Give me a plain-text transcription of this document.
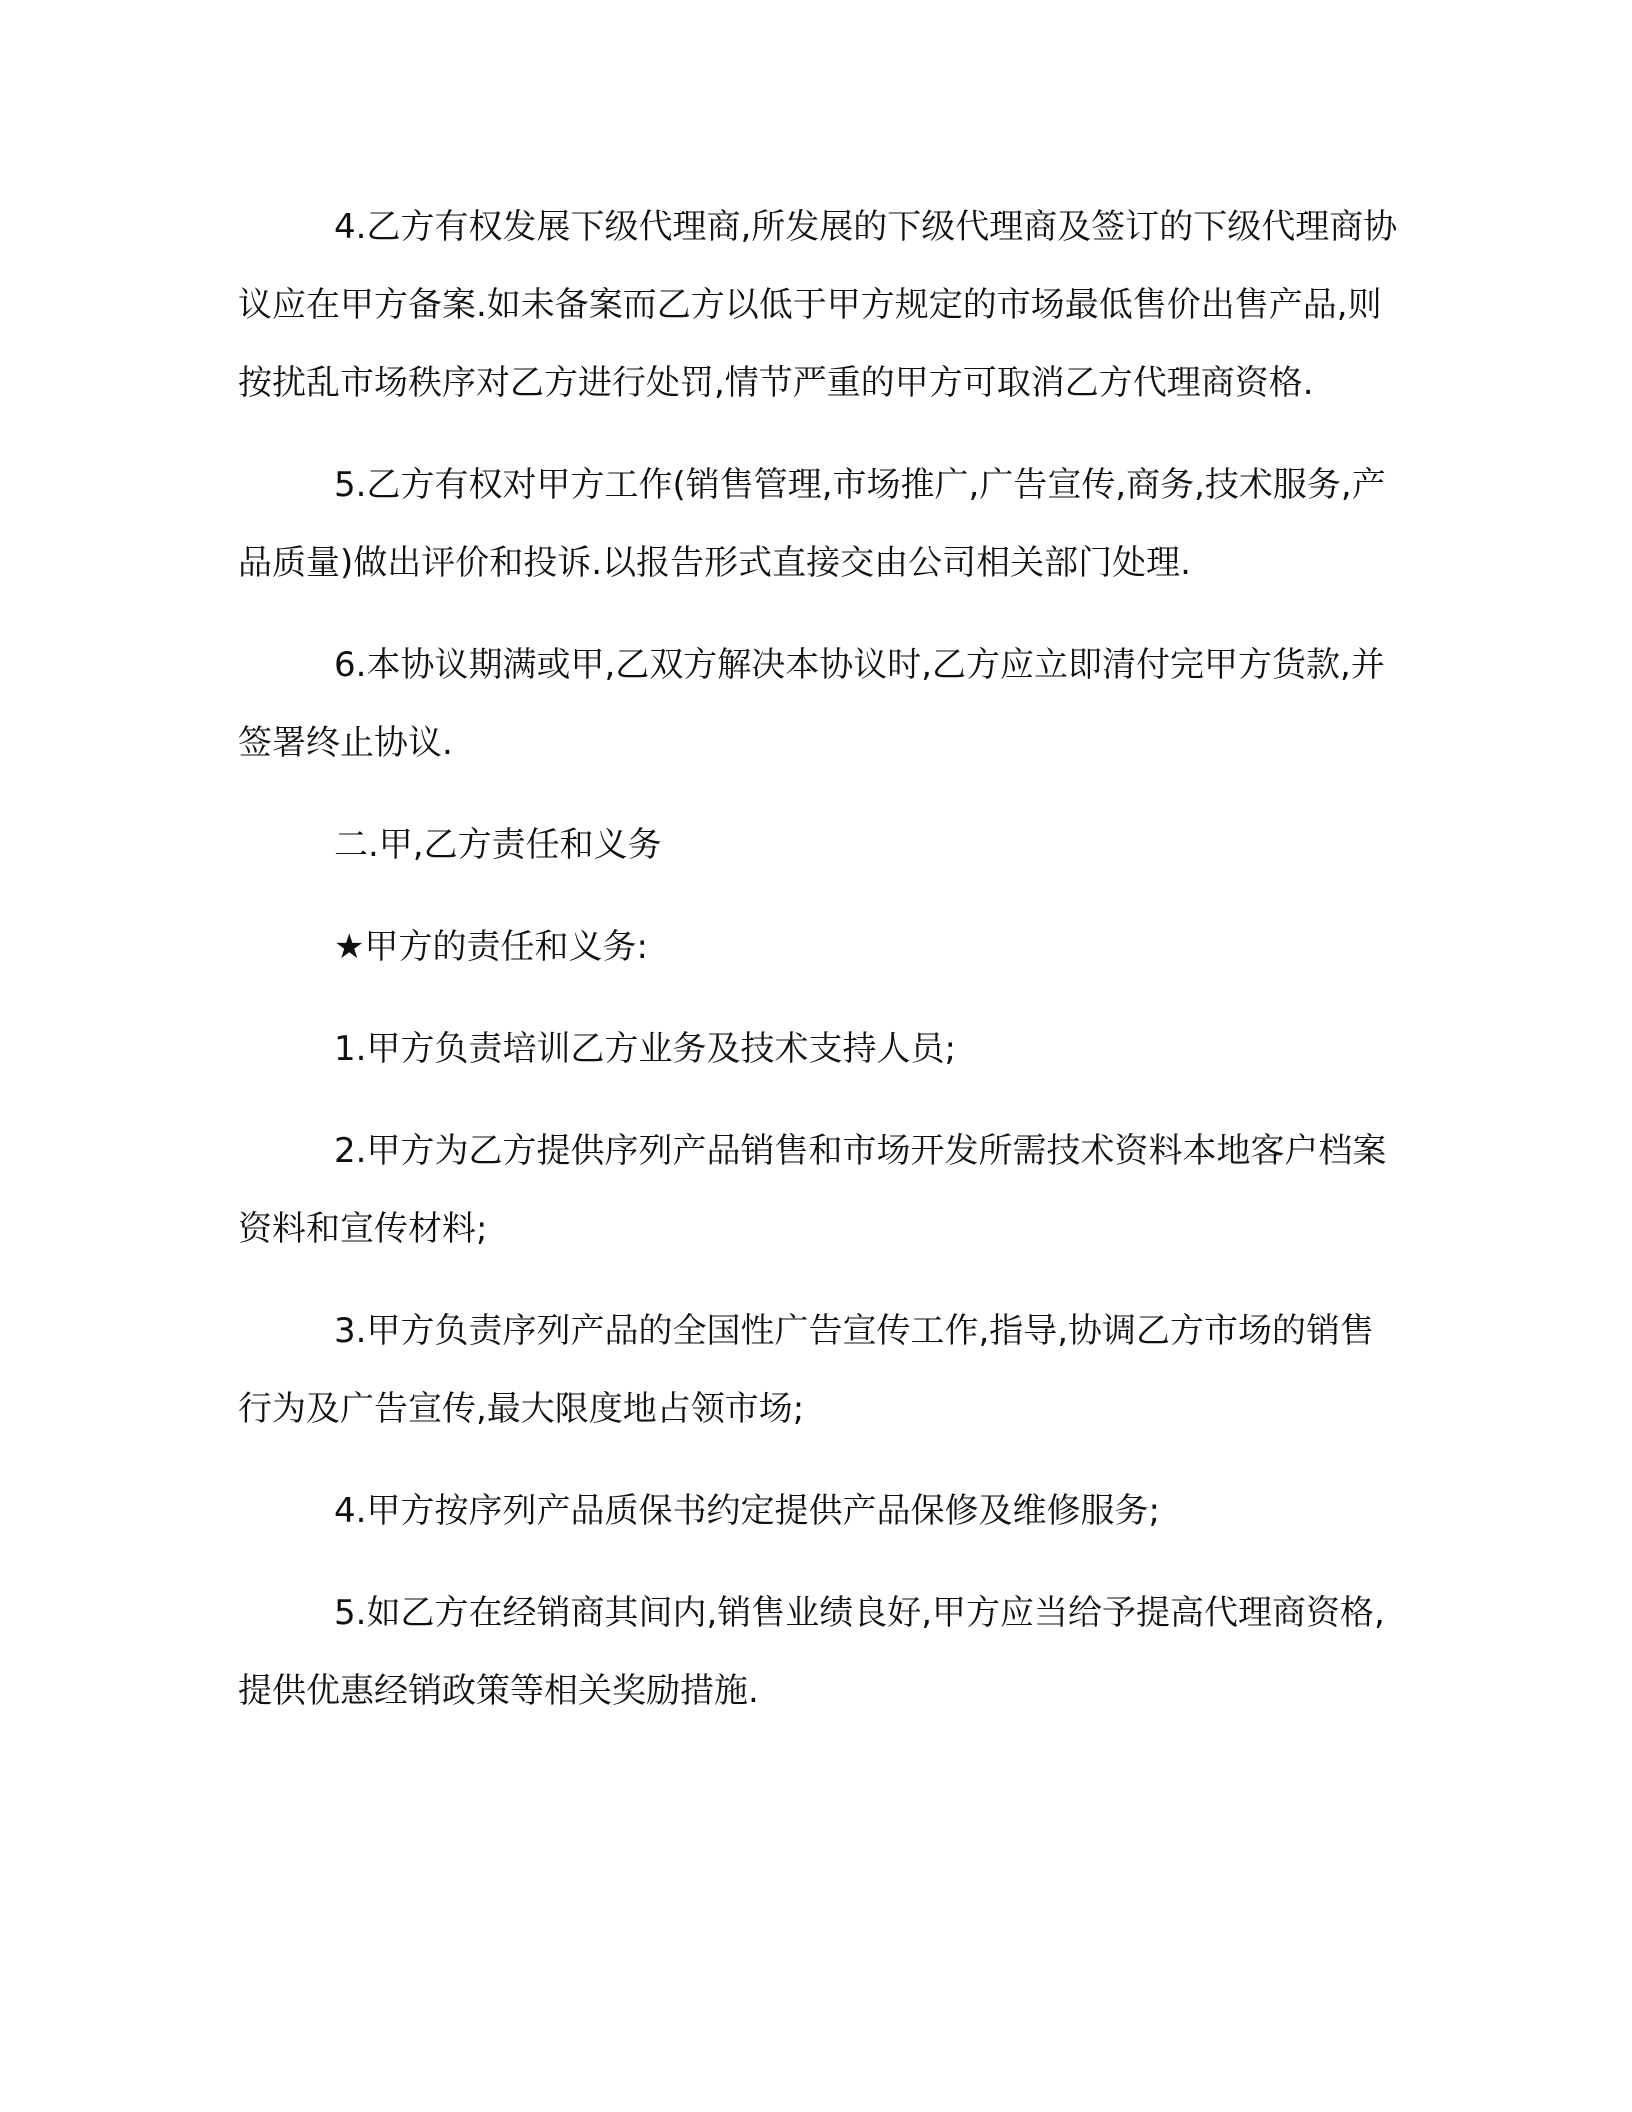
4.乙方有权发展下级代理商,所发展的下级代理商及签订的下级代理商协议应在甲方备案.如未备案而乙方以低于甲方规定的市场最低售价出售产品,则按扰乱市场秩序对乙方进行处罚,情节严重的甲方可取消乙方代理商资格.

5.乙方有权对甲方工作(销售管理,市场推广,广告宣传,商务,技术服务,产品质量)做出评价和投诉.以报告形式直接交由公司相关部门处理.

6.本协议期满或甲,乙双方解决本协议时,乙方应立即清付完甲方货款,并签署终止协议.

二.甲,乙方责任和义务

★甲方的责任和义务:

1.甲方负责培训乙方业务及技术支持人员;

2.甲方为乙方提供序列产品销售和市场开发所需技术资料本地客户档案资料和宣传材料;

3.甲方负责序列产品的全国性广告宣传工作,指导,协调乙方市场的销售行为及广告宣传,最大限度地占领市场;

4.甲方按序列产品质保书约定提供产品保修及维修服务;

5.如乙方在经销商其间内,销售业绩良好,甲方应当给予提高代理商资格,提供优惠经销政策等相关奖励措施.
